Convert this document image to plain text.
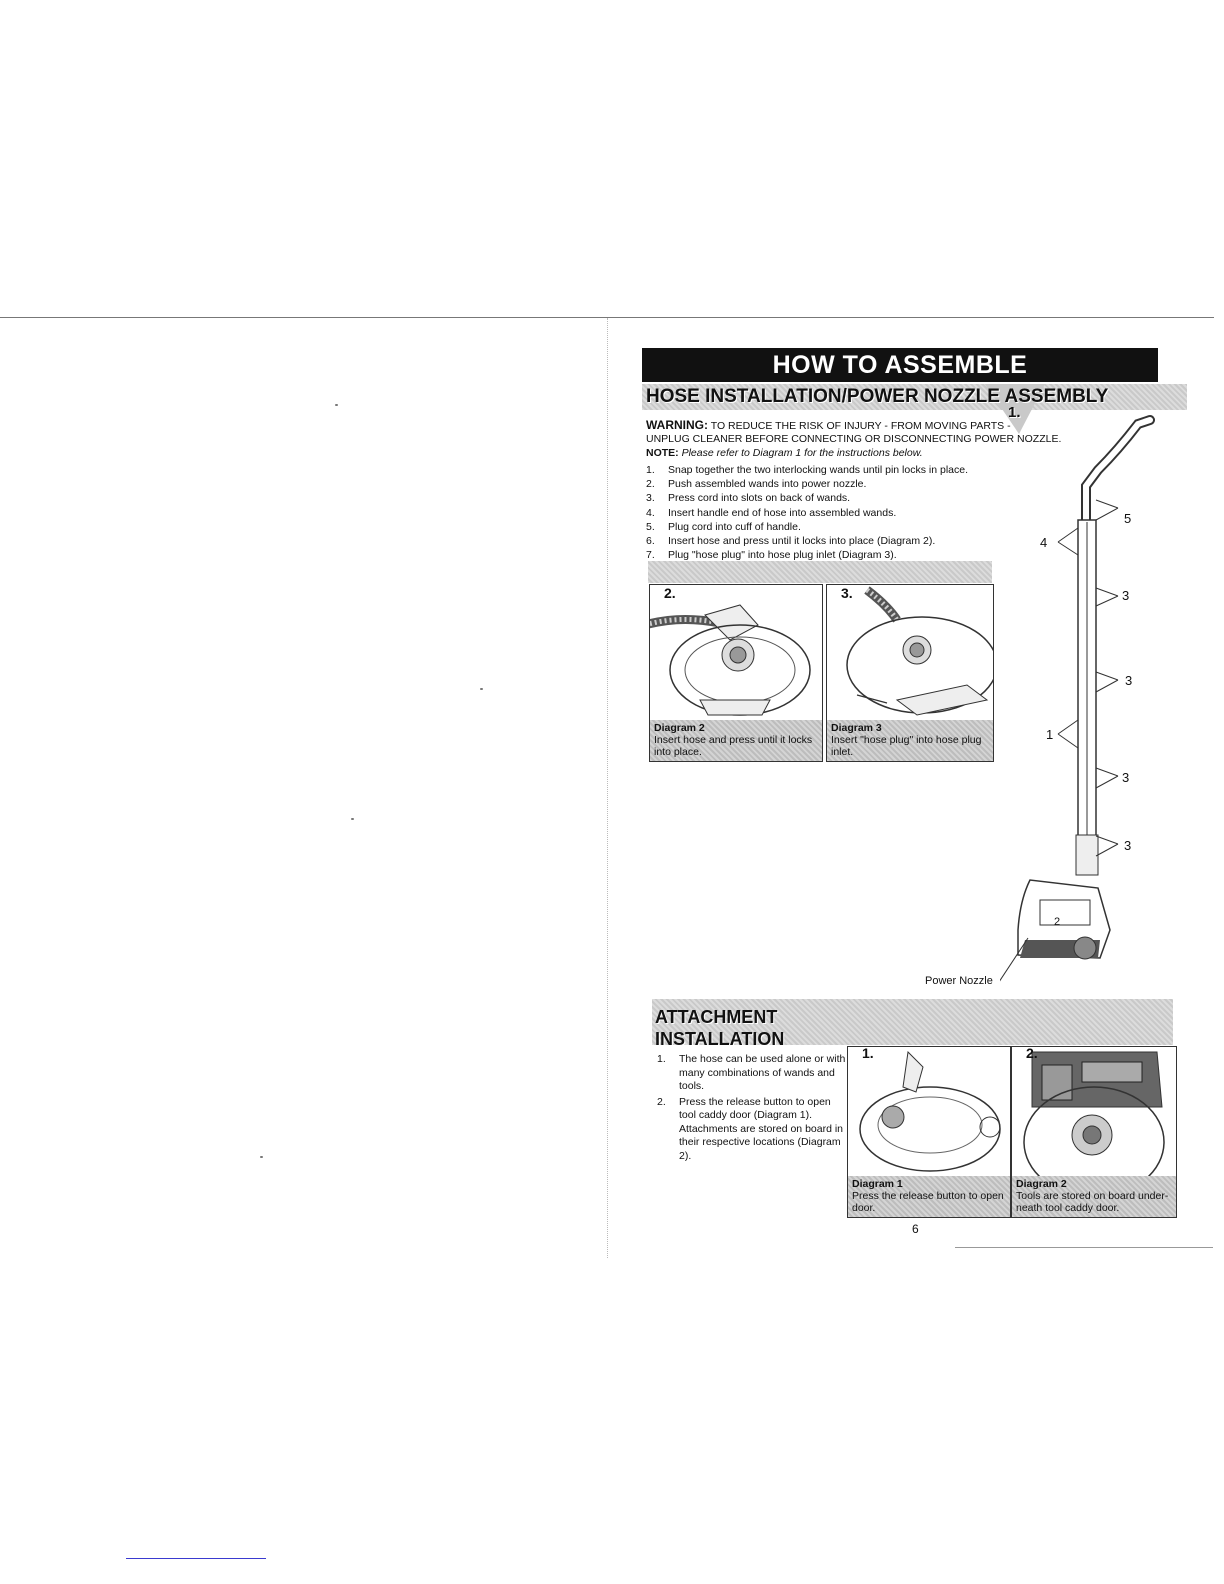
HOW TO ASSEMBLE
HOSE INSTALLATION/POWER NOZZLE ASSEMBLY
1.
WARNING: TO REDUCE THE RISK OF INJURY - FROM MOVING PARTS -
UNPLUG CLEANER BEFORE CONNECTING OR DISCONNECTING POWER NOZZLE.
NOTE: Please refer to Diagram 1 for the instructions below.
1.	Snap together the two interlocking wands until pin locks in place.
2.	Push assembled wands into power nozzle.
3.	Press cord into slots on back of wands.
4.	Insert handle end of hose into assembled wands.
5.	Plug cord into cuff of handle.
6.	Insert hose and press until it locks into place (Diagram 2).
7.	Plug "hose plug" into hose plug inlet (Diagram 3).
2.
Diagram 2
Insert hose and press until it locks into place.
3.
Diagram 3
Insert "hose plug" into hose plug inlet.
5
4
3
3
1
3
3
2
Power Nozzle
ATTACHMENT
INSTALLATION
1.	The hose can be used alone or with many combinations of wands and tools.
2.	Press the release button to open tool caddy door (Diagram 1). Attachments are stored on board in their respective locations (Diagram 2).
1.
Diagram 1
Press the release button to open door.
2.
Diagram 2
Tools are stored on board under-neath tool caddy door.
6
